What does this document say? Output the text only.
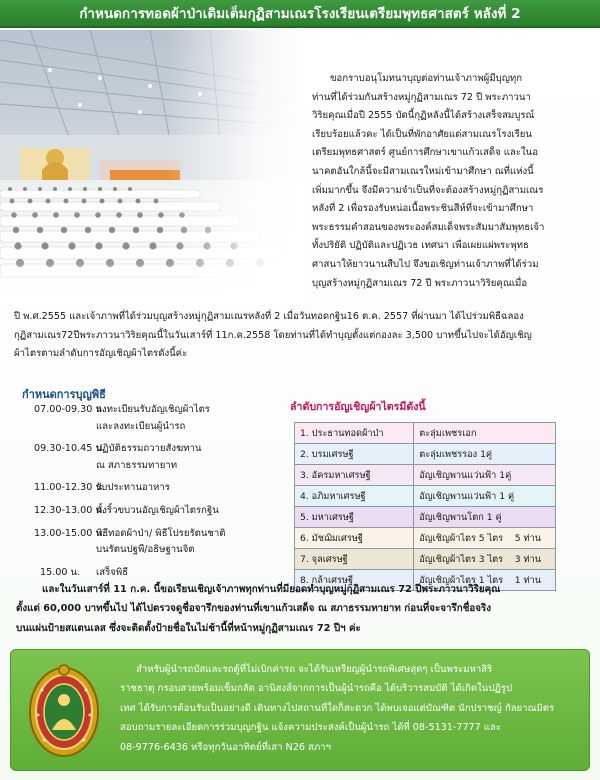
กำหนดการทอดผ้าป่าเดิมเต็มกุฏิสามเณรโรงเรียนเตรียมพุทธศาสตร์ หลังที่ 2
ขอกราบอนุโมทนาบุญต่อท่านเจ้าภาพผู้มีบุญทุก
ท่านที่ได้ร่วมกันสร้างหมู่กุฏิสามเณร 72 ปี พระภาวนา
วิริยคุณเมื่อปี 2555 บัดนี้กุฏิหลังนี้ได้สร้างเสร็จสมบูรณ์
เรียบร้อยแล้วคะ ได้เป็นที่พักอาศัยแด่สามเณรโรงเรียน
เตรียมพุทธศาสตร์ ศูนย์การศึกษาเขาแก้วเสด็จ และในอ
นาคตอันใกล้นี้จะมีสามเณรใหม่เข้ามาศึกษา ณที่แห่งนี้
เพิ่มมากขึ้น จึงมีความจำเป็นที่จะต้องสร้างหมู่กุฏิสามเณร
หลังที่ 2 เพื่อรองรับหน่อเนื้อพระชินสีห์ที่จะเข้ามาศึกษา
พระธรรมคำสอนของพระองค์สมเด็จพระสัมมาสัมพุทธเจ้า
ทั้งปริยัติ ปฏิบัติและปฏิเวธ เทศนา เพื่อเผยแผ่พระพุทธ
ศาสนาให้ยาวนานสืบไป จึงขอเชิญท่านเจ้าภาพที่ได้ร่วม
บุญสร้างหมู่กุฏิสามเณร 72 ปี พระภาวนาวิริยคุณเมื่อ
ปี พ.ศ.2555 และเจ้าภาพที่ได้ร่วมบุญสร้างหมู่กุฏิสามเณรหลังที่ 2 เมื่อวันทอดกฐิน16 ต.ค. 2557 ที่ผ่านมา ได้ไปร่วมพิธีฉลอง
กุฏิสามเณร72ปีพระภาวนาวิริยคุณนี้ในวันเสาร์ที่ 11ก.ค.2558 โดยท่านที่ได้ทำบุญตั้งแต่กองละ 3,500 บาทขึ้นไปจะได้อัญเชิญ
ผ้าไตรตามลำดับการอัญเชิญผ้าไตรดังนี้ค่ะ
กำหนดการบุญพิธี
07.00-09.30 น.
ลงทะเบียนรับอัญเชิญผ้าไตร
และลงทะเบียนผู้นำรถ
09.30-10.45 น.
ปฏิบัติธรรมถวายสังฆทาน
ณ สภาธรรมทายาท
11.00-12.30 น.
รับประทานอาหาร
12.30-13.00 น.
ตั้งริ้วขบวนอัญเชิญผ้าไตรกฐิน
13.00-15.00 น.
พิธีทอดผ้าป่า/ พิธีโปรยรัตนชาติ
บนรัตนปฐพี/อธิษฐานจิต
15.00 น.	เสร็จพิธี
ลำดับการอัญเชิญผ้าไตรมีดังนี้
1. ประธานทอดผ้าป่า	ตะลุ่มเพชรเอก
2. บรมเศรษฐี	ตะลุ่มเพชรรอง 1คู่
3. อัครมหาเศรษฐี	อัญเชิญพานแว่นฟ้า 1คู่
4. อภิมหาเศรษฐี	อัญเชิญพานแว่นฟ้า 1 คู่
5. มหาเศรษฐี	อัญเชิญพานโตก 1 คู่
6. มัชฌิมเศรษฐี	อัญเชิญผ้าไตร 5 ไตร    5 ท่าน
7. จุลเศรษฐี	อัญเชิญผ้าไตร 3 ไตร    3 ท่าน
8. กล้าเศรษฐี	อัญเชิญผ้าไตร 1 ไตร    1 ท่าน
และในวันเสาร์ที่ 11 ก.ค. นี้ขอเรียนเชิญเจ้าภาพทุกท่านที่มียอดทำบุญหมู่กุฏิสามเณร 72 ปีพระภาวนาวิริยคุณ
ตั้งแต่ 60,000 บาทขึ้นไป ได้ไปตรวจดูชื่อจารึกของท่านที่เขาแก้วเสด็จ ณ สภาธรรมทายาท ก่อนที่จะจารึกชื่อจริง
บนแผ่นป้ายสแตนเลส ซึ่งจะติดตั้งป้ายชื่อในไม่ช้านี้ที่หน้าหมู่กุฏิสามเณร 72 ปีฯ ค่ะ
สำหรับผู้นำรถบัสและรถตู้ที่ไม่เบิกค่ารถ จะได้รับเหรียญผู้นำรถพิเศษสุดๆ เป็นพระมหาสิริ
ราชธาตุ กรอบสวยพร้อมเข็มกลัด อานิสงส์จากการเป็นผู้นำรถคือ ได้บริวารสมบัติ ได้เกิดในปฏิรูป
เทศ ได้รับการต้อนรับเป็นอย่างดี เดินทางไปสถานที่ใดก็สะดวก ได้พบเจอแต่บัณฑิต นักปราชญ์ กัลยาณมิตร
สอบถามรายละเอียดการร่วมบุญกฐิน แจ้งความประสงค์เป็นผู้นำรถ ได้ที่ 08-5131-7777 และ
08-9776-6436 หรือทุกวันอาทิตย์ที่เสา N26 สภาฯ
